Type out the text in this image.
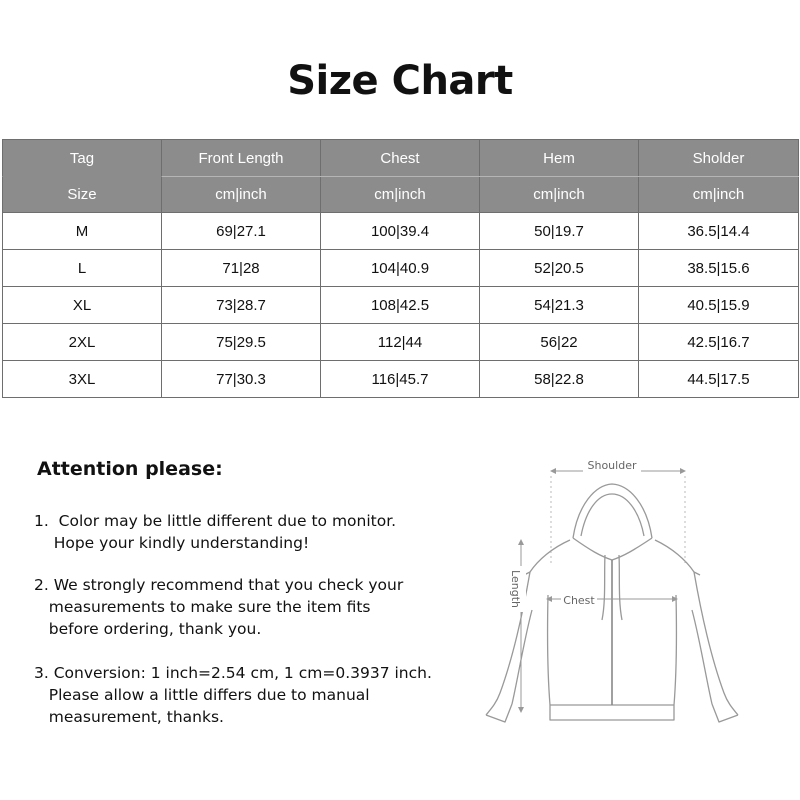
Size Chart
Tag	Front Length	Chest	Hem	Sholder
Size	cm|inch	cm|inch	cm|inch	cm|inch
M	69|27.1	100|39.4	50|19.7	36.5|14.4
L	71|28	104|40.9	52|20.5	38.5|15.6
XL	73|28.7	108|42.5	54|21.3	40.5|15.9
2XL	75|29.5	112|44	56|22	42.5|16.7
3XL	77|30.3	116|45.7	58|22.8	44.5|17.5
Attention please:
1.  Color may be little different due to monitor.
Hope your kindly understanding!
2. We strongly recommend that you check your
measurements to make sure the item fits
before ordering, thank you.
3. Conversion: 1 inch=2.54 cm, 1 cm=0.3937 inch.
Please allow a little differs due to manual
measurement, thanks.
Shoulder
Length	Chest
